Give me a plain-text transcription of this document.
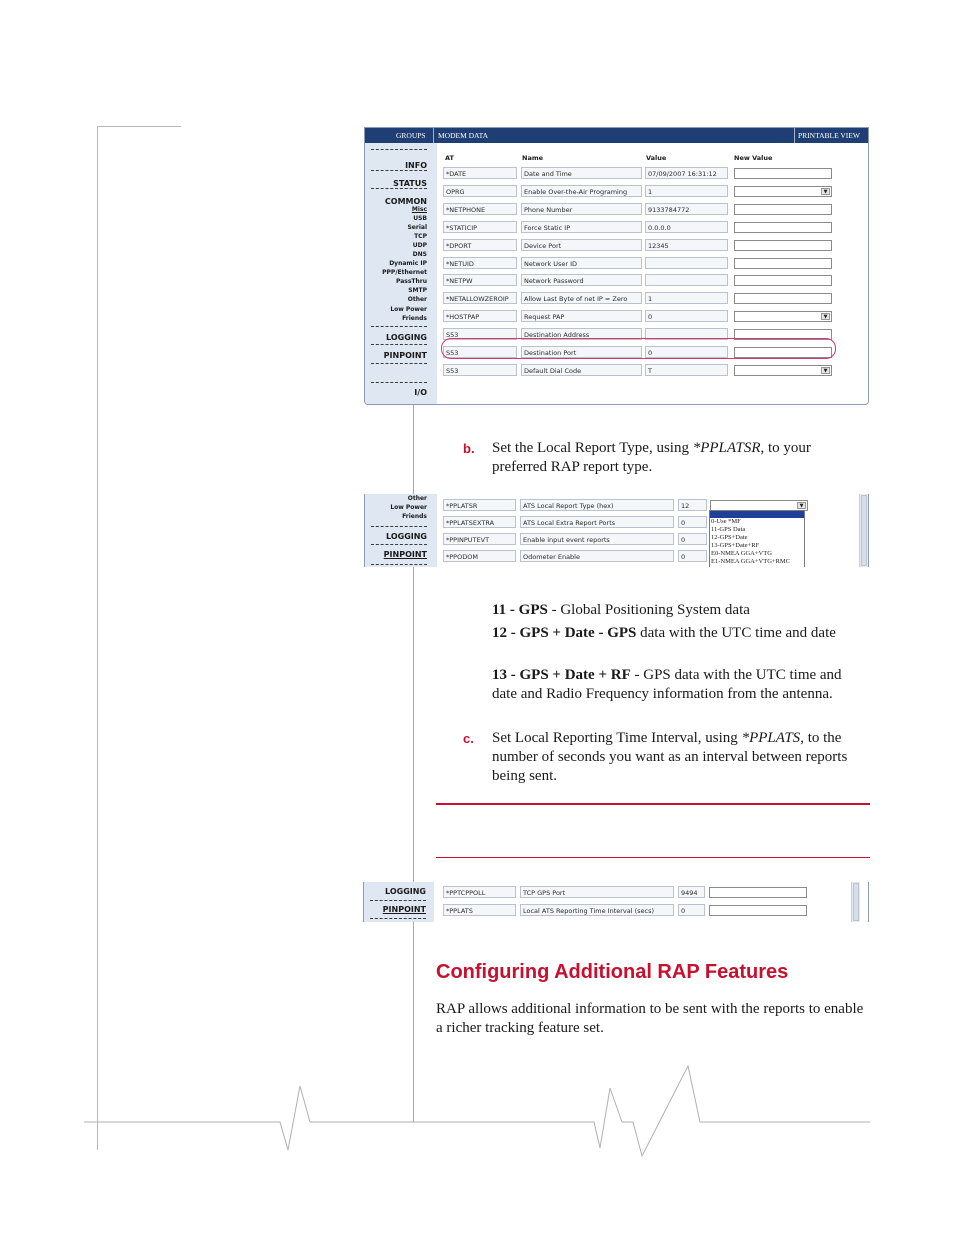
GROUPS MODEM DATA	PRINTABLE VIEW
INFO
STATUS
COMMON
Misc
USB
Serial
TCP
UDP
DNS
Dynamic IP
PPP/Ethernet
PassThru
SMTP
Other
Low Power
Friends
LOGGING
PINPOINT
I/O
AT	Name	Value	New Value
*DATE	Date and Time	07/09/2007 16:31:12
OPRG	Enable Over-the-Air Programing	1	▼
*NETPHONE	Phone Number	9133784772
*STATICIP	Force Static IP	0.0.0.0
*DPORT	Device Port	12345
*NETUID	Network User ID
*NETPW	Network Password
*NETALLOWZEROIP	Allow Last Byte of net IP = Zero	1
*HOSTPAP	Request PAP	0	▼
S53	Destination Address
S53	Destination Port	0
S53	Default Dial Code	T	▼
b. Set the Local Report Type, using *PPLATSR, to your preferred RAP report type.
Other
Low Power
Friends
LOGGING
PINPOINT
*PPLATSR	ATS Local Report Type (hex)	12
*PPLATSEXTRA	ATS Local Extra Report Ports	0
*PPINPUTEVT	Enable input event reports	0
*PPODOM	Odometer Enable	0
▼
0-Use *MF
11-GPS Data
12-GPS+Date
13-GPS+Date+RF
E0-NMEA GGA+VTG
E1-NMEA GGA+VTG+RMC
11 - GPS - Global Positioning System data
12 - GPS + Date - GPS data with the UTC time and date
13 - GPS + Date + RF - GPS data with the UTC time and date and Radio Frequency information from the antenna.
c. Set Local Reporting Time Interval, using *PPLATS, to the number of seconds you want as an interval between reports being sent.
LOGGING
PINPOINT
*PPTCPPOLL	TCP GPS Port	9494
*PPLATS	Local ATS Reporting Time Interval (secs)	0
Configuring Additional RAP Features
RAP allows additional information to be sent with the reports to enable a richer tracking feature set.
